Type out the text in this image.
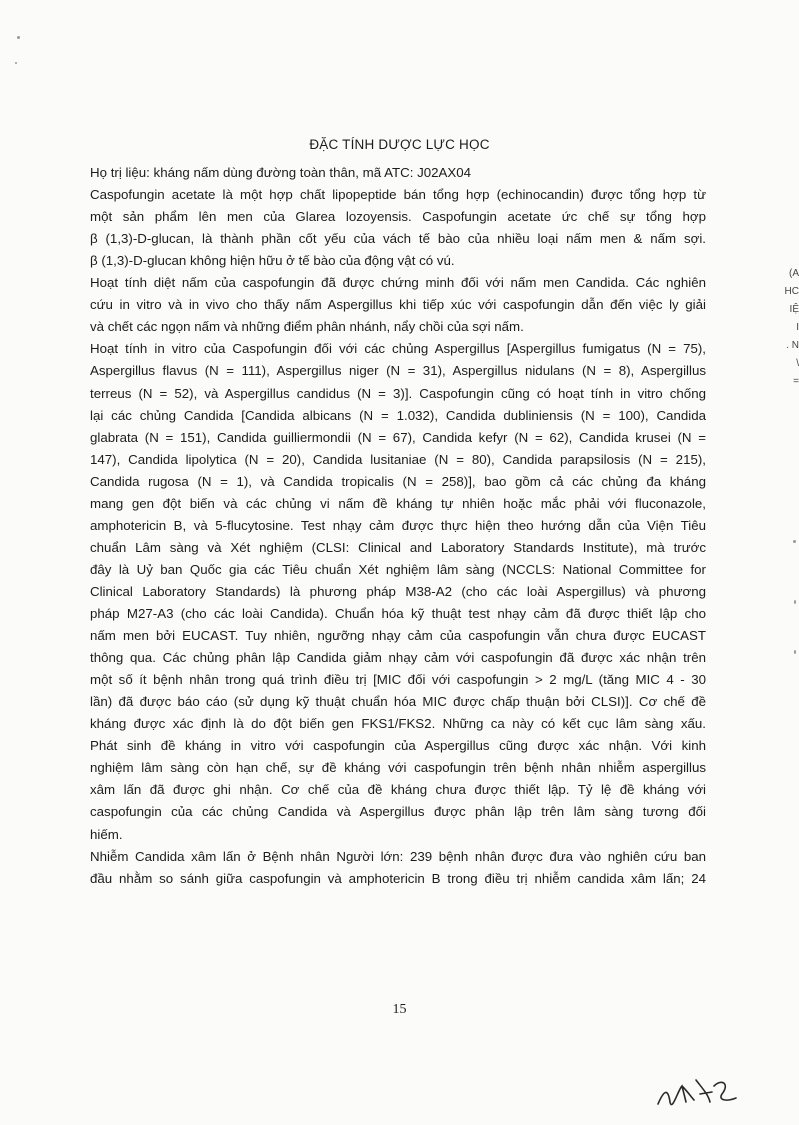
ĐẶC TÍNH DƯỢC LỰC HỌC
Họ trị liệu: kháng nấm dùng đường toàn thân, mã ATC: J02AX04
Caspofungin acetate là một hợp chất lipopeptide bán tổng hợp (echinocandin) được tổng hợp từ
một sản phẩm lên men của Glarea lozoyensis. Caspofungin acetate ức chế sự tổng hợp
β (1,3)-D-glucan, là thành phần cốt yếu của vách tế bào của nhiều loại nấm men & nấm sợi.
β (1,3)-D-glucan không hiện hữu ở tế bào của động vật có vú.
Hoạt tính diệt nấm của caspofungin đã được chứng minh đối với nấm men Candida. Các nghiên
cứu in vitro và in vivo cho thấy nấm Aspergillus khi tiếp xúc với caspofungin dẫn đến việc ly giải
và chết các ngọn nấm và những điểm phân nhánh, nẩy chồi của sợi nấm.
Hoạt tính in vitro của Caspofungin đối với các chủng Aspergillus [Aspergillus fumigatus (N = 75),
Aspergillus flavus (N = 111), Aspergillus niger (N = 31), Aspergillus nidulans (N = 8), Aspergillus
terreus (N = 52), và Aspergillus candidus (N = 3)]. Caspofungin cũng có hoạt tính in vitro chống
lại các chủng Candida [Candida albicans (N = 1.032), Candida dubliniensis (N = 100), Candida
glabrata (N = 151), Candida guilliermondii (N = 67), Candida kefyr (N = 62), Candida krusei (N =
147), Candida lipolytica (N = 20), Candida lusitaniae (N = 80), Candida parapsilosis (N = 215),
Candida rugosa (N = 1), và Candida tropicalis (N = 258)], bao gồm cả các chủng đa kháng
mang gen đột biến và các chủng vi nấm đề kháng tự nhiên hoặc mắc phải với fluconazole,
amphotericin B, và 5-flucytosine. Test nhạy cảm được thực hiện theo hướng dẫn của Viện Tiêu
chuẩn Lâm sàng và Xét nghiệm (CLSI: Clinical and Laboratory Standards Institute), mà trước
đây là Uỷ ban Quốc gia các Tiêu chuẩn Xét nghiệm lâm sàng (NCCLS: National Committee for
Clinical Laboratory Standards) là phương pháp M38-A2 (cho các loài Aspergillus) và phương
pháp M27-A3 (cho các loài Candida). Chuẩn hóa kỹ thuật test nhạy cảm đã được thiết lập cho
nấm men bởi EUCAST. Tuy nhiên, ngưỡng nhạy cảm của caspofungin vẫn chưa được EUCAST
thông qua. Các chủng phân lập Candida giảm nhạy cảm với caspofungin đã được xác nhận trên
một số ít bệnh nhân trong quá trình điều trị [MIC đối với caspofungin > 2 mg/L (tăng MIC 4 - 30
lần) đã được báo cáo (sử dụng kỹ thuật chuẩn hóa MIC được chấp thuận bởi CLSI)]. Cơ chế đề
kháng được xác định là do đột biến gen FKS1/FKS2. Những ca này có kết cục lâm sàng xấu.
Phát sinh đề kháng in vitro với caspofungin của Aspergillus cũng được xác nhận. Với kinh
nghiệm lâm sàng còn hạn chế, sự đề kháng với caspofungin trên bệnh nhân nhiễm aspergillus
xâm lấn đã được ghi nhận. Cơ chế của đề kháng chưa được thiết lập. Tỷ lệ đề kháng với
caspofungin của các chủng Candida và Aspergillus được phân lập trên lâm sàng tương đối
hiếm.
Nhiễm Candida xâm lấn ở Bệnh nhân Người lớn: 239 bệnh nhân được đưa vào nghiên cứu ban
đầu nhằm so sánh giữa caspofungin và amphotericin B trong điều trị nhiễm candida xâm lấn; 24
15
(A
HC
IỆ
I
. N
\
=
